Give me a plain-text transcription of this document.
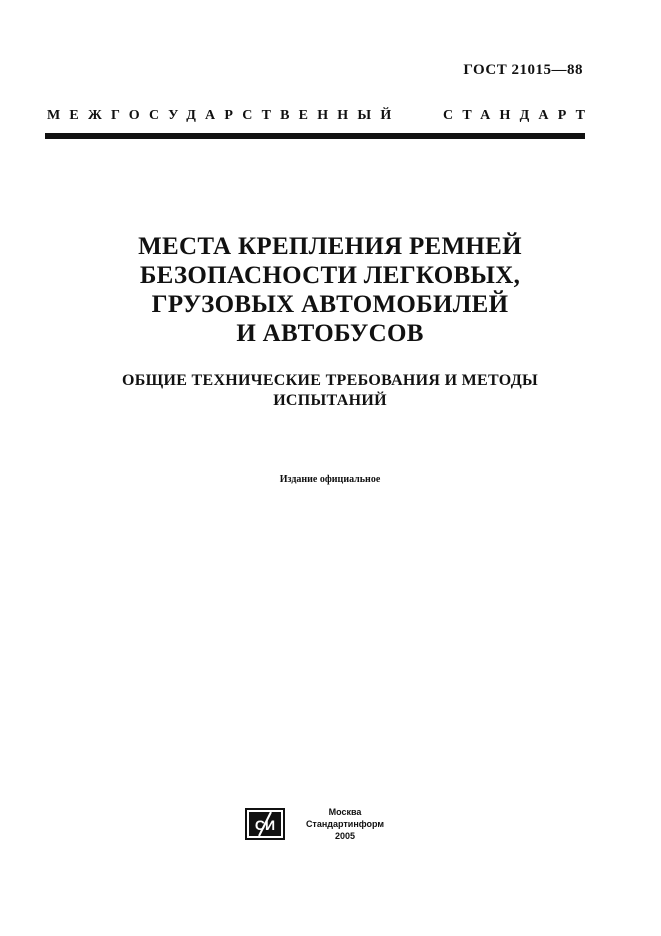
ГОСТ 21015—88
МЕЖГОСУДАРСТВЕННЫЙ	СТАНДАРТ
МЕСТА КРЕПЛЕНИЯ РЕМНЕЙ
БЕЗОПАСНОСТИ ЛЕГКОВЫХ,
ГРУЗОВЫХ АВТОМОБИЛЕЙ
И АВТОБУСОВ
ОБЩИЕ ТЕХНИЧЕСКИЕ ТРЕБОВАНИЯ И МЕТОДЫ
ИСПЫТАНИЙ
Издание официальное
СИ
Москва
Стандартинформ
2005
